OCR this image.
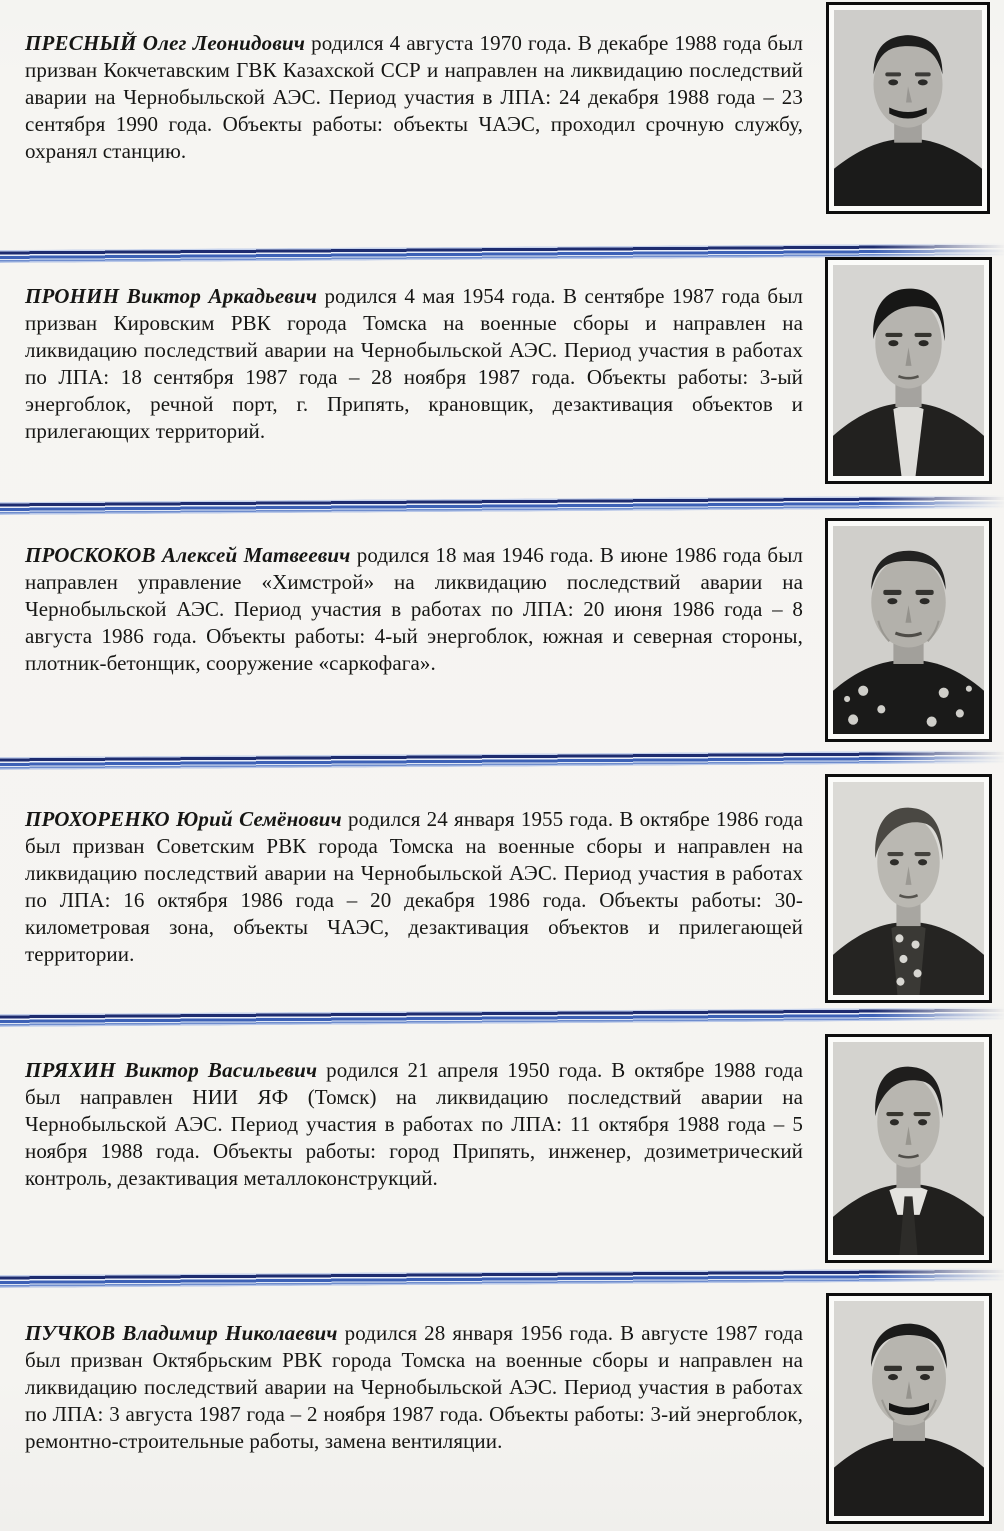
ПРЕСНЫЙ Олег Леонидович родился 4 августа 1970 года. В декабре 1988 года был призван Кокчетавским ГВК Казахской ССР и направлен на ликвидацию последствий аварии на Чернобыльской АЭС. Период участия в ЛПА: 24 декабря 1988 года – 23 сентября 1990 года. Объекты работы: объекты ЧАЭС, проходил срочную службу, охранял станцию.

ПРОНИН Виктор Аркадьевич родился 4 мая 1954 года. В сентябре 1987 года был призван Кировским РВК города Томска на военные сборы и направлен на ликвидацию последствий аварии на Чернобыльской АЭС. Период участия в работах по ЛПА: 18 сентября 1987 года – 28 ноября 1987 года. Объекты работы: 3-ый энергоблок, речной порт, г. Припять, крановщик, дезактивация объектов и прилегающих территорий.

ПРОСКОКОВ Алексей Матвеевич родился 18 мая 1946 года. В июне 1986 года был направлен управление «Химстрой» на ликвидацию последствий аварии на Чернобыльской АЭС. Период участия в работах по ЛПА: 20 июня 1986 года – 8 августа 1986 года. Объекты работы: 4-ый энергоблок, южная и северная стороны, плотник-бетонщик, сооружение «саркофага».

ПРОХОРЕНКО Юрий Семёнович родился 24 января 1955 года. В октябре 1986 года был призван Советским РВК города Томска на военные сборы и направлен на ликвидацию последствий аварии на Чернобыльской АЭС. Период участия в работах по ЛПА: 16 октября 1986 года – 20 декабря 1986 года. Объекты работы: 30-километровая зона, объекты ЧАЭС, дезактивация объектов и прилегающей территории.

ПРЯХИН Виктор Васильевич родился 21 апреля 1950 года. В октябре 1988 года был направлен НИИ ЯФ (Томск) на ликвидацию последствий аварии на Чернобыльской АЭС. Период участия в работах по ЛПА: 11 октября 1988 года – 5 ноября 1988 года. Объекты работы: город Припять, инженер, дозиметрический контроль, дезактивация металлоконструкций.

ПУЧКОВ Владимир Николаевич родился 28 января 1956 года. В августе 1987 года был призван Октябрьским РВК города Томска на военные сборы и направлен на ликвидацию последствий аварии на Чернобыльской АЭС. Период участия в работах по ЛПА: 3 августа 1987 года – 2 ноября 1987 года. Объекты работы: 3-ий энергоблок, ремонтно-строительные работы, замена вентиляции.
